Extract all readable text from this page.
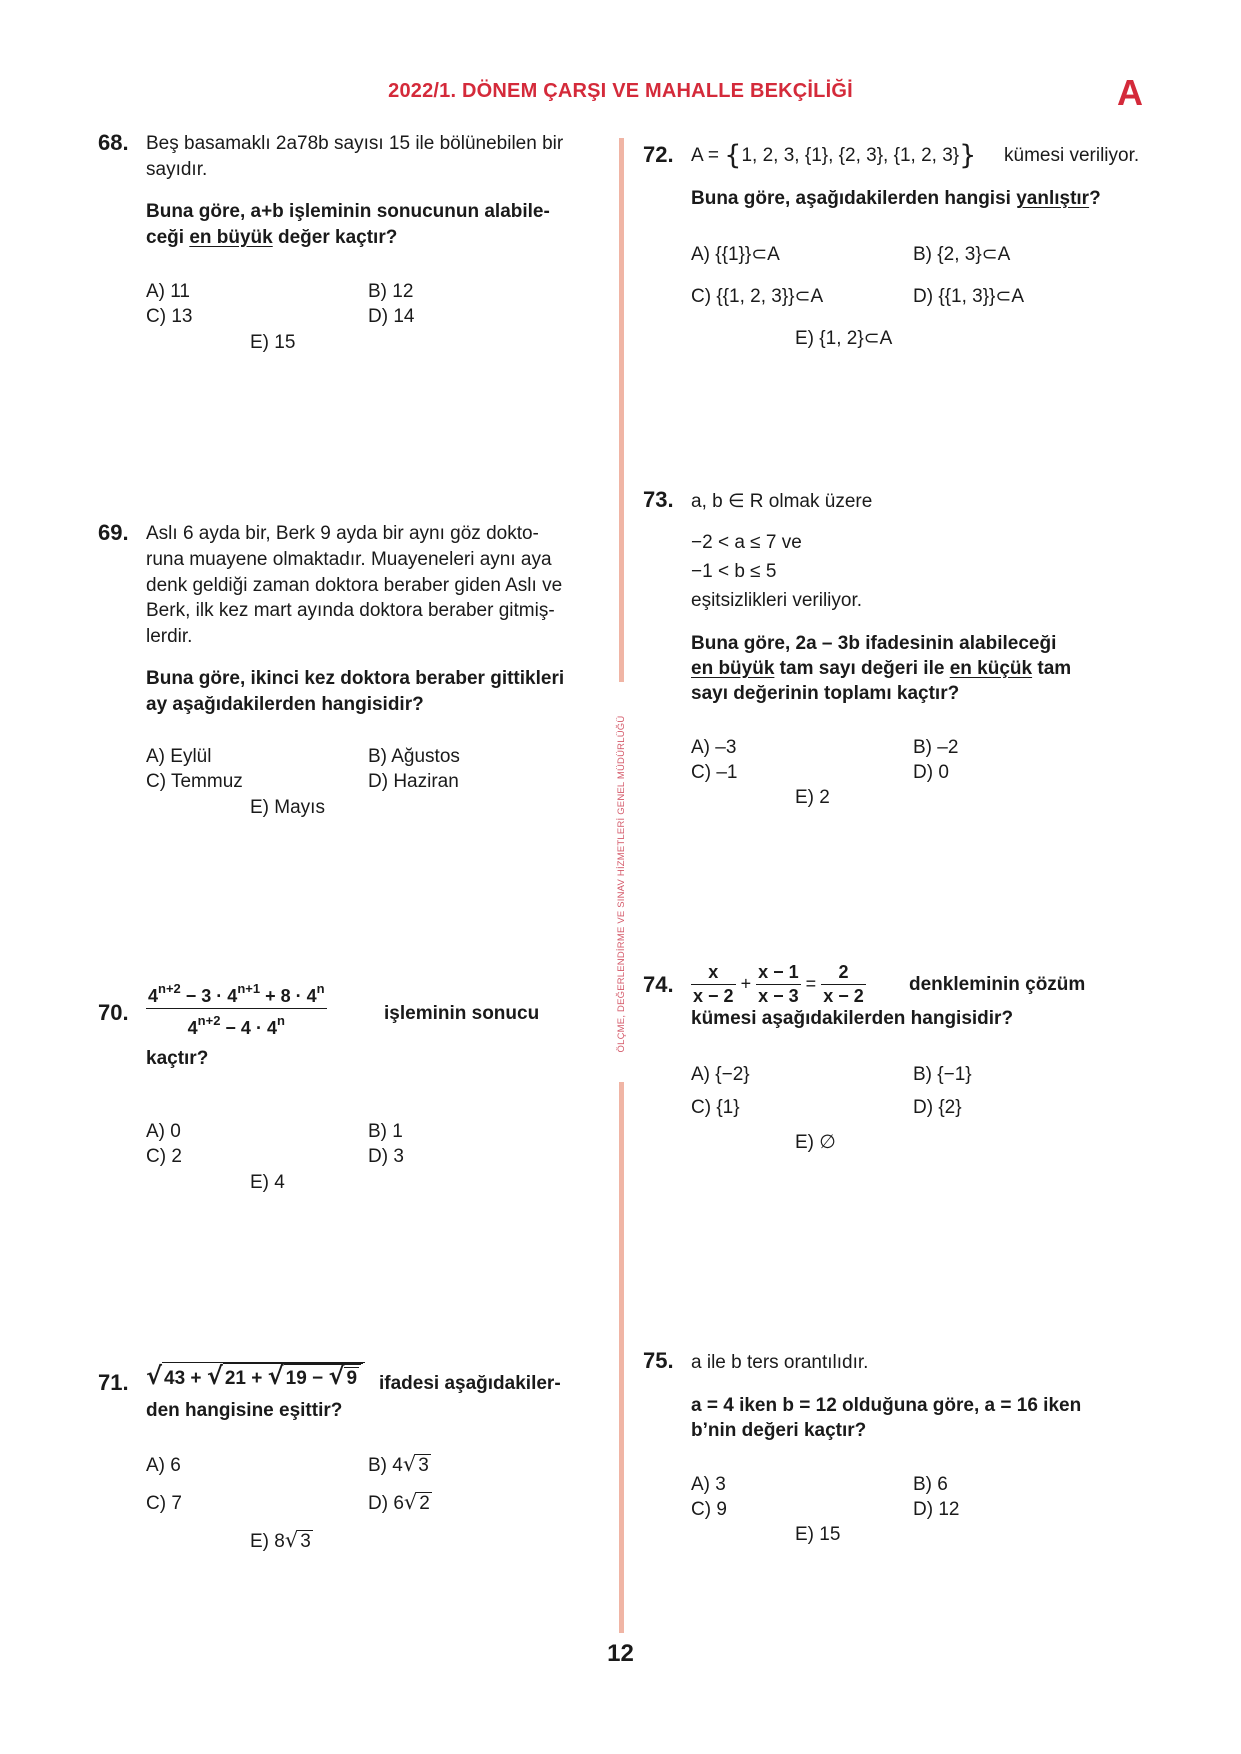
2022/1. DÖNEM ÇARŞI VE MAHALLE BEKÇİLİĞİ	A
ÖLÇME, DEĞERLENDİRME VE SINAV HİZMETLERİ GENEL MÜDÜRLÜĞÜ
68. Beş basamaklı 2a78b sayısı 15 ile bölünebilen bir
sayıdır.
Buna göre, a+b işleminin sonucunun alabile-
ceği en büyük değer kaçtır?
A) 11	B) 12
C) 13	D) 14
E) 15
69. Aslı 6 ayda bir, Berk 9 ayda bir aynı göz dokto-
runa muayene olmaktadır. Muayeneleri aynı aya
denk geldiği zaman doktora beraber giden Aslı ve
Berk, ilk kez mart ayında doktora beraber gitmiş-
lerdir.
Buna göre, ikinci kez doktora beraber gittikleri
ay aşağıdakilerden hangisidir?
A) Eylül	B) Ağustos
C) Temmuz	D) Haziran
E) Mayıs
70. $\frac{4^{n+2} - 3 \cdot 4^{n+1} + 8 \cdot 4^n}{4^{n+2} - 4 \cdot 4^n}$	işleminin sonucu
kaçtır?
A) 0	B) 1
C) 2	D) 3
E) 4
71. √ 43 + √ 21 + √ 19 − √ 9	ifadesi aşağıdakiler-
den hangisine eşittir?
A) 6	B) 4√ 3
C) 7	D) 6√ 2
E) 8√ 3
72. A = {1, 2, 3, {1}, {2, 3}, {1, 2, 3}} kümesi veriliyor.
Buna göre, aşağıdakilerden hangisi yanlıştır?
A) {{1}}⊂A	B) {2, 3}⊂A
C) {{1, 2, 3}}⊂A	D) {{1, 3}}⊂A
E) {1, 2}⊂A
73. a, b ∈ R olmak üzere
−2 < a ≤ 7 ve
−1 < b ≤ 5
eşitsizlikleri veriliyor.
Buna göre, 2a – 3b ifadesinin alabileceği
en büyük tam sayı değeri ile en küçük tam
sayı değerinin toplamı kaçtır?
A) –3	B) –2
C) –1	D) 0
E) 2
74. $\frac{x}{x - 2} + \frac{x - 1}{x - 3} = \frac{2}{x - 2}$ denkleminin çözüm
kümesi aşağıdakilerden hangisidir?
A) {−2}	B) {−1}
C) {1}	D) {2}
E) ∅
75. a ile b ters orantılıdır.
a = 4 iken b = 12 olduğuna göre, a = 16 iken
b’nin değeri kaçtır?
A) 3	B) 6
C) 9	D) 12
E) 15
12
